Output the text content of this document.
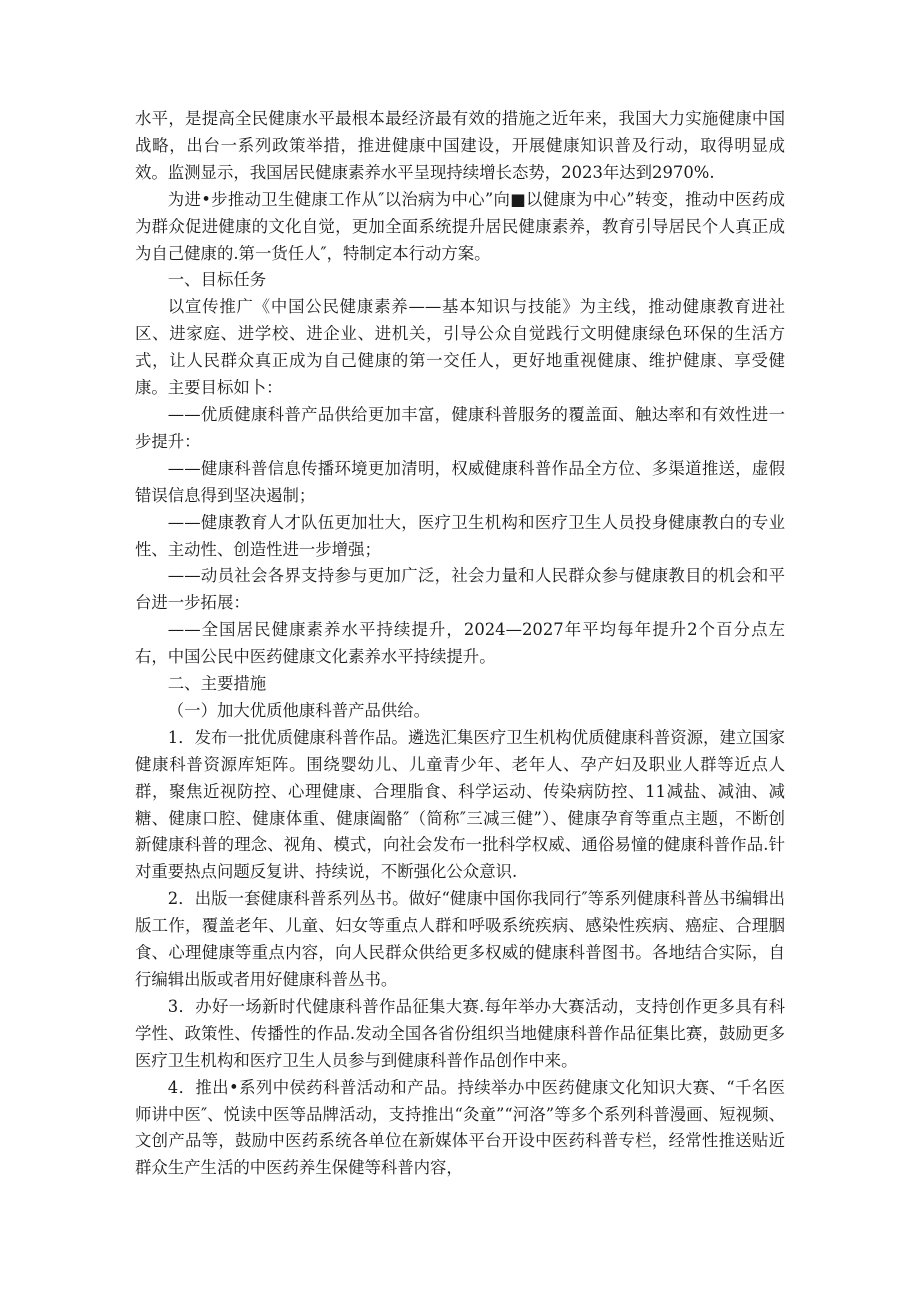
水平，是提高全民健康水平最根本最经济最有效的措施之近年来，我国大力实施健康中国战略，出台一系列政策举措，推进健康中国建设，开展健康知识普及行动，取得明显成效。监测显示，我国居民健康素养水平呈现持续增长态势，2023年达到2970%.

为进•步推动卫生健康工作从″以治病为中心”向■以健康为中心”转变，推动中医药成为群众促进健康的文化自觉，更加全面系统提升居民健康素养，教育引导居民个人真正成为自己健康的.第一货任人″，特制定本行动方案。

一、目标任务

以宣传推广《中国公民健康素养——基本知识与技能》为主线，推动健康教育进社区、进家庭、进学校、进企业、进机关，引导公众自觉践行文明健康绿色环保的生活方式，让人民群众真正成为自己健康的第一交任人，更好地重视健康、维护健康、享受健康。主要目标如卜：

——优质健康科普产品供给更加丰富，健康科普服务的覆盖面、触达率和有效性进一步提升：

——健康科普信息传播环境更加清明，权威健康科普作品全方位、多渠道推送，虚假错误信息得到坚决遏制；

——健康教育人才队伍更加壮大，医疗卫生机构和医疗卫生人员投身健康教白的专业性、主动性、创造性进一步增强；

——动员社会各界支持参与更加广泛，社会力量和人民群众参与健康教目的机会和平台进一步拓展：

——全国居民健康素养水平持续提升，2024—2027年平均每年提升2个百分点左右，中国公民中医药健康文化素养水平持续提升。

二、主要措施

（一）加大优质他康科普产品供给。

1．发布一批优质健康科普作品。遴选汇集医疗卫生机构优质健康科普资源，建立国家健康科普资源库矩阵。围绕婴幼儿、儿童青少年、老年人、孕产妇及职业人群等近点人群，聚焦近视防控、心理健康、合理脂食、科学运动、传染病防控、11减盐、减油、减糖、健康口腔、健康体重、健康阖骼″（简称″三减三健”）、健康孕育等重点主题，不断创新健康科普的理念、视角、模式，向社会发布一批科学权威、通俗易憧的健康科普作品.针对重要热点问题反复讲、持续说，不断强化公众意识.

2．出版一套健康科普系列丛书。做好“健康中国你我同行″等系列健康科普丛书编辑出版工作，覆盖老年、儿童、妇女等重点人群和呼吸系统疾病、感染性疾病、癌症、合理胭食、心理健康等重点内容，向人民群众供给更多权威的健康科普图书。各地结合实际，自行编辑出版或者用好健康科普丛书。

3．办好一场新时代健康科普作品征集大赛.每年举办大赛活动，支持创作更多具有科学性、政策性、传播性的作品.发动全国各省份组织当地健康科普作品征集比赛，鼓励更多医疗卫生机构和医疗卫生人员参与到健康科普作品创作中来。

4．推出•系列中侯药科普活动和产品。持续举办中医药健康文化知识大赛、“千名医师讲中医″、悦读中医等品牌活动，支持推出“灸童”“河洛”等多个系列科普漫画、短视频、文创产品等，鼓励中医药系统各单位在新媒体平台开设中医药科普专栏，经常性推送贴近群众生产生活的中医药养生保健等科普内容，
